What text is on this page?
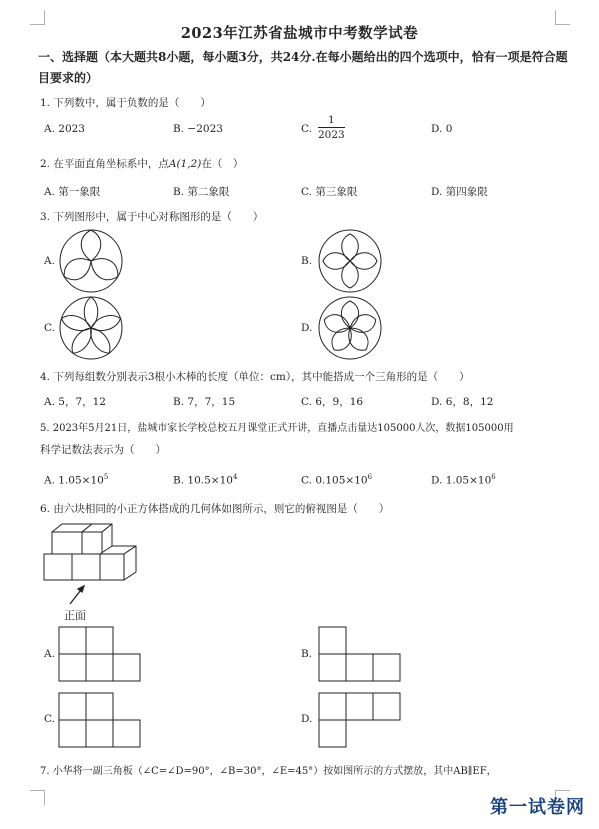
2023年江苏省盐城市中考数学试卷
一、选择题（本大题共8小题，每小题3分，共24分.在每小题给出的四个选项中，恰有一项是符合题目要求的）
1. 下列数中，属于负数的是（　　）
A. 2023	B. −2023	C. $\frac{1}{2023}$	D. 0
2. 在平面直角坐标系中，点A(1,2)在（　）
A. 第一象限	B. 第二象限	C. 第三象限	D. 第四象限
3. 下列图形中，属于中心对称图形的是（　　）
A.	B.
C.	D.
4. 下列每组数分别表示3根小木棒的长度（单位：cm），其中能搭成一个三角形的是（　　）
A. 5，7，12	B. 7，7，15	C. 6，9，16	D. 6，8，12
5. 2023年5月21日，盐城市家长学校总校五月课堂正式开讲，直播点击量达105000人次，数据105000用
科学记数法表示为（　　）
A. $1.05\times 10^5$	B. $10.5\times 10^4$	C. $0.105\times 10^6$	D. $1.05\times 10^6$
6. 由六块相同的小正方体搭成的几何体如图所示，则它的俯视图是（　　）
正面
A.	B.
C.	D.
7. 小华将一副三角板（∠C=∠D=90°，∠B=30°，∠E=45°）按如图所示的方式摆放，其中AB∥EF，
第一试卷网
